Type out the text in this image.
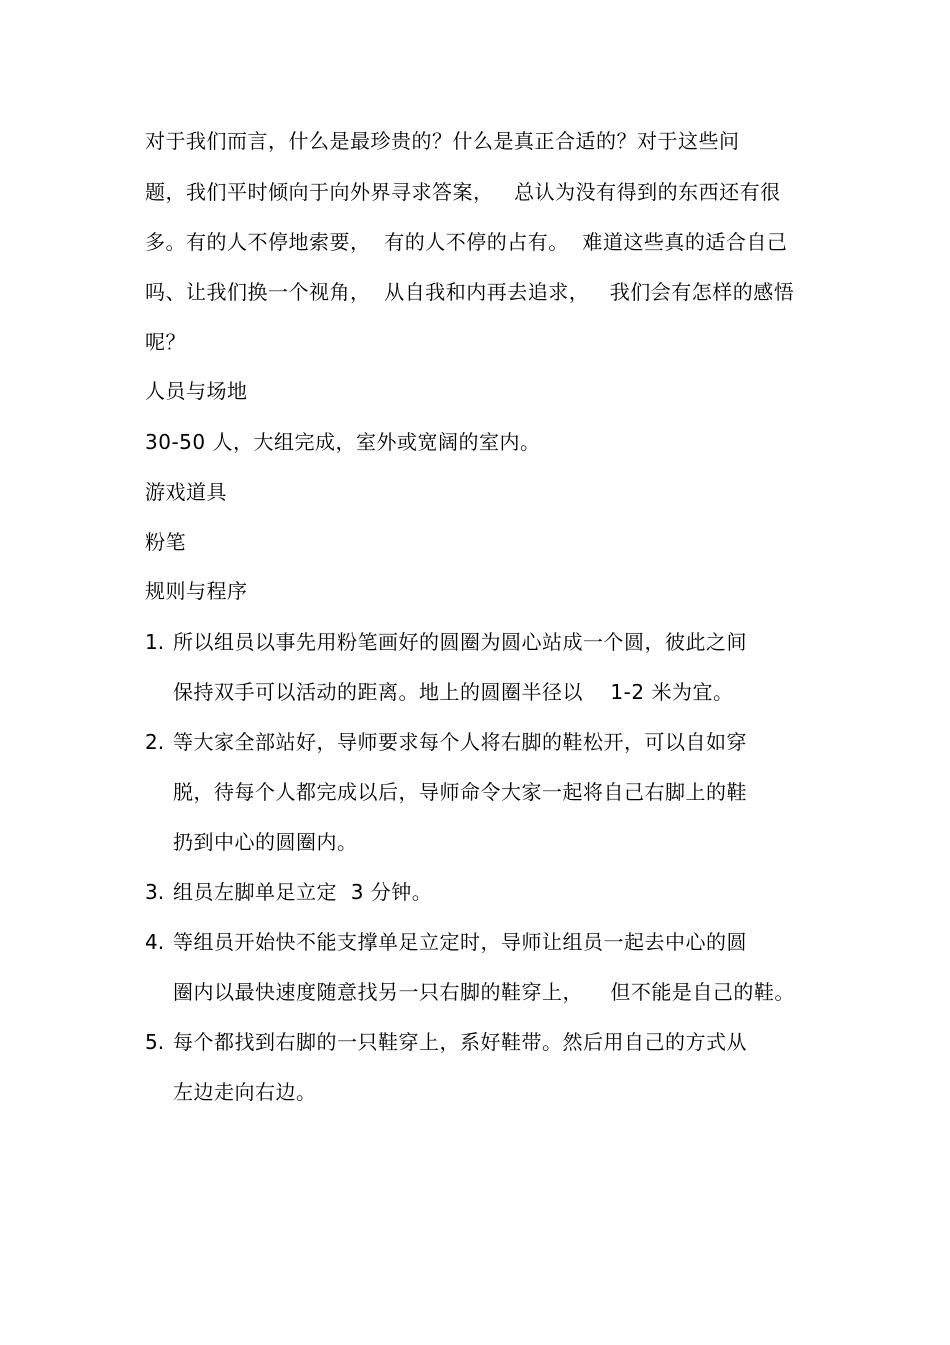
对于我们而言，什么是最珍贵的？什么是真正合适的？对于这些问
题，我们平时倾向于向外界寻求答案，   总认为没有得到的东西还有很
多。有的人不停地索要，  有的人不停的占有。  难道这些真的适合自己
吗、让我们换一个视角，  从自我和内再去追求，   我们会有怎样的感悟
呢？
人员与场地
30-50 人，大组完成，室外或宽阔的室内。
游戏道具
粉笔
规则与程序
1. 所以组员以事先用粉笔画好的圆圈为圆心站成一个圆，彼此之间
保持双手可以活动的距离。地上的圆圈半径以    1-2 米为宜。
2. 等大家全部站好，导师要求每个人将右脚的鞋松开，可以自如穿
脱，待每个人都完成以后，导师命令大家一起将自己右脚上的鞋
扔到中心的圆圈内。
3. 组员左脚单足立定  3 分钟。
4. 等组员开始快不能支撑单足立定时，导师让组员一起去中心的圆
圈内以最快速度随意找另一只右脚的鞋穿上，    但不能是自己的鞋。
5. 每个都找到右脚的一只鞋穿上，系好鞋带。然后用自己的方式从
左边走向右边。
